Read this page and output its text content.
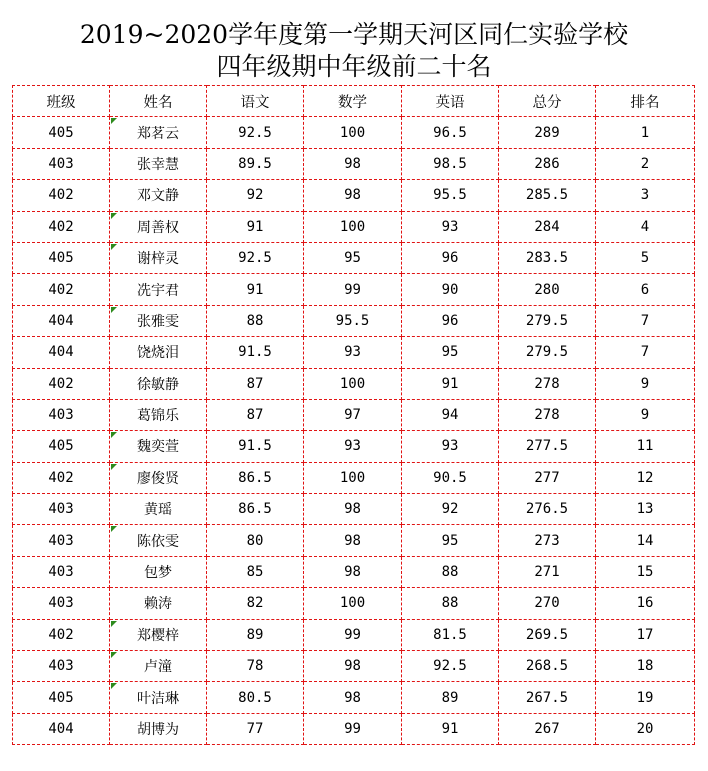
2019~2020学年度第一学期天河区同仁实验学校
四年级期中年级前二十名
班级	姓名	语文	数学	英语	总分	排名
405	郑茗云	92.5	100	96.5	289	1
403	张幸慧	89.5	98	98.5	286	2
402	邓文静	92	98	95.5	285.5	3
402	周善权	91	100	93	284	4
405	谢梓灵	92.5	95	96	283.5	5
402	冼宇君	91	99	90	280	6
404	张雅雯	88	95.5	96	279.5	7
404	饶烧泪	91.5	93	95	279.5	7
402	徐敏静	87	100	91	278	9
403	葛锦乐	87	97	94	278	9
405	魏奕萱	91.5	93	93	277.5	11
402	廖俊贤	86.5	100	90.5	277	12
403	黄瑶	86.5	98	92	276.5	13
403	陈依雯	80	98	95	273	14
403	包梦	85	98	88	271	15
403	赖涛	82	100	88	270	16
402	郑樱梓	89	99	81.5	269.5	17
403	卢潼	78	98	92.5	268.5	18
405	叶洁琳	80.5	98	89	267.5	19
404	胡博为	77	99	91	267	20
